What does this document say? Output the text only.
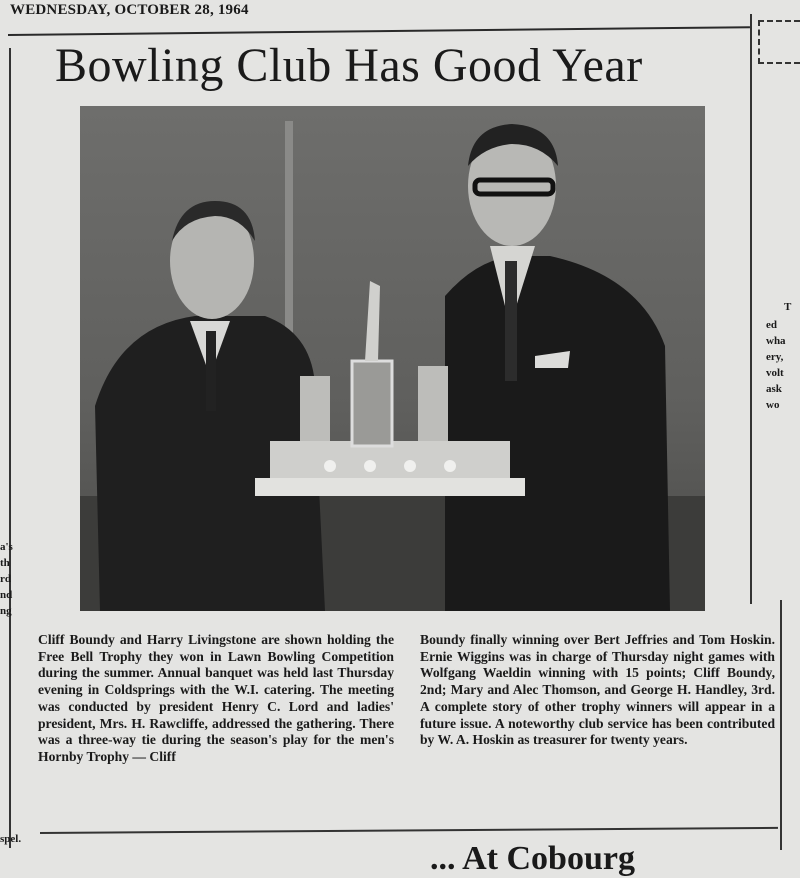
WEDNESDAY, OCTOBER 28, 1964
Bowling Club Has Good Year
Cliff Boundy and Harry Livingstone are shown holding the Free Bell Trophy they won in Lawn Bowling Competition during the summer. Annual banquet was held last Thursday evening in Coldsprings with the W.I. catering. The meeting was conducted by president Henry C. Lord and ladies' president, Mrs. H. Rawcliffe, addressed the gathering. There was a three-way tie during the season's play for the men's Hornby Trophy — Cliff
Boundy finally winning over Bert Jeffries and Tom Hoskin. Ernie Wiggins was in charge of Thursday night games with Wolfgang Waeldin winning with 15 points; Cliff Boundy, 2nd; Mary and Alec Thomson, and George H. Handley, 3rd. A complete story of other trophy winners will appear in a future issue. A noteworthy club service has been contributed by W. A. Hoskin as treasurer for twenty years.
... At Cobourg
a's
th
rd
nd
ng
spel.
T
ed
wha
ery,
volt
ask
wo
